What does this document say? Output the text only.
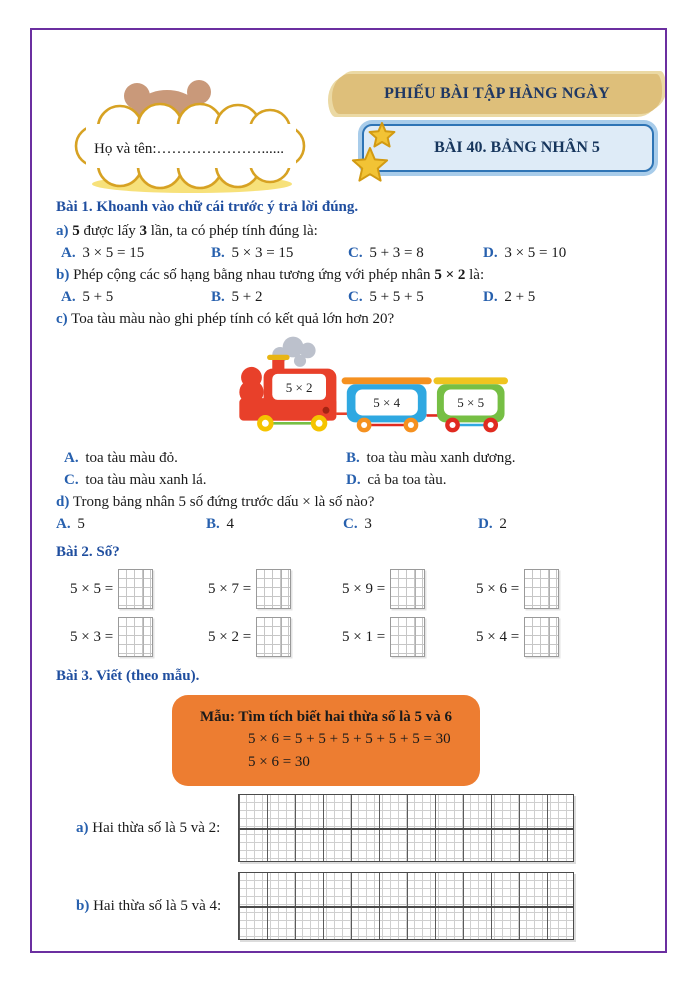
Họ và tên:…………………......
PHIẾU BÀI TẬP HÀNG NGÀY
BÀI 40. BẢNG NHÂN 5
Bài 1. Khoanh vào chữ cái trước ý trả lời đúng.
a) 5 được lấy 3 lần, ta có phép tính đúng là:
A. 3 × 5 = 15	B. 5 × 3 = 15	C. 5 + 3 = 8	D. 3 × 5 = 10
b) Phép cộng các số hạng bằng nhau tương ứng với phép nhân 5 × 2 là:
A. 5 + 5	B. 5 + 2	C. 5 + 5 + 5	D. 2 + 5
c) Toa tàu màu nào ghi phép tính có kết quả lớn hơn 20?
5 × 2
5 × 4	5 × 5
A. toa tàu màu đỏ.	B. toa tàu màu xanh dương.
C. toa tàu màu xanh lá.	D. cả ba toa tàu.
d) Trong bảng nhân 5 số đứng trước dấu × là số nào?
A. 5	B. 4	C. 3	D. 2
Bài 2. Số?
5 × 5 =	5 × 7 =	5 × 9 =	5 × 6 =
5 × 3 =	5 × 2 =	5 × 1 =	5 × 4 =
Bài 3. Viết (theo mẫu).
Mẫu: Tìm tích biết hai thừa số là 5 và 6
5 × 6 = 5 + 5 + 5 + 5 + 5 + 5 = 30
5 × 6 = 30
a) Hai thừa số là 5 và 2:
b) Hai thừa số là 5 và 4:
